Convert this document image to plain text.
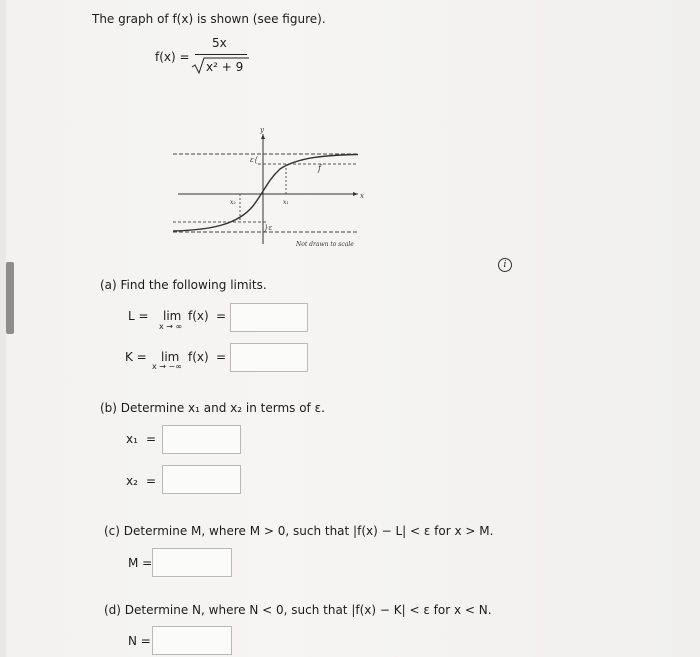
The graph of f(x) is shown (see figure).
f(x) =
5x
x² + 9
y
x
f
ε{
}ε
x₁
x₂
Not drawn to scale
i
(a) Find the following limits.
L = lim
x → ∞
f(x) =
K = lim
x → −∞
f(x) =
(b) Determine x₁ and x₂ in terms of ε.
x₁ =
x₂ =
(c) Determine M, where M > 0, such that |f(x) − L| < ε for x > M.
M =
(d) Determine N, where N < 0, such that |f(x) − K| < ε for x < N.
N =
